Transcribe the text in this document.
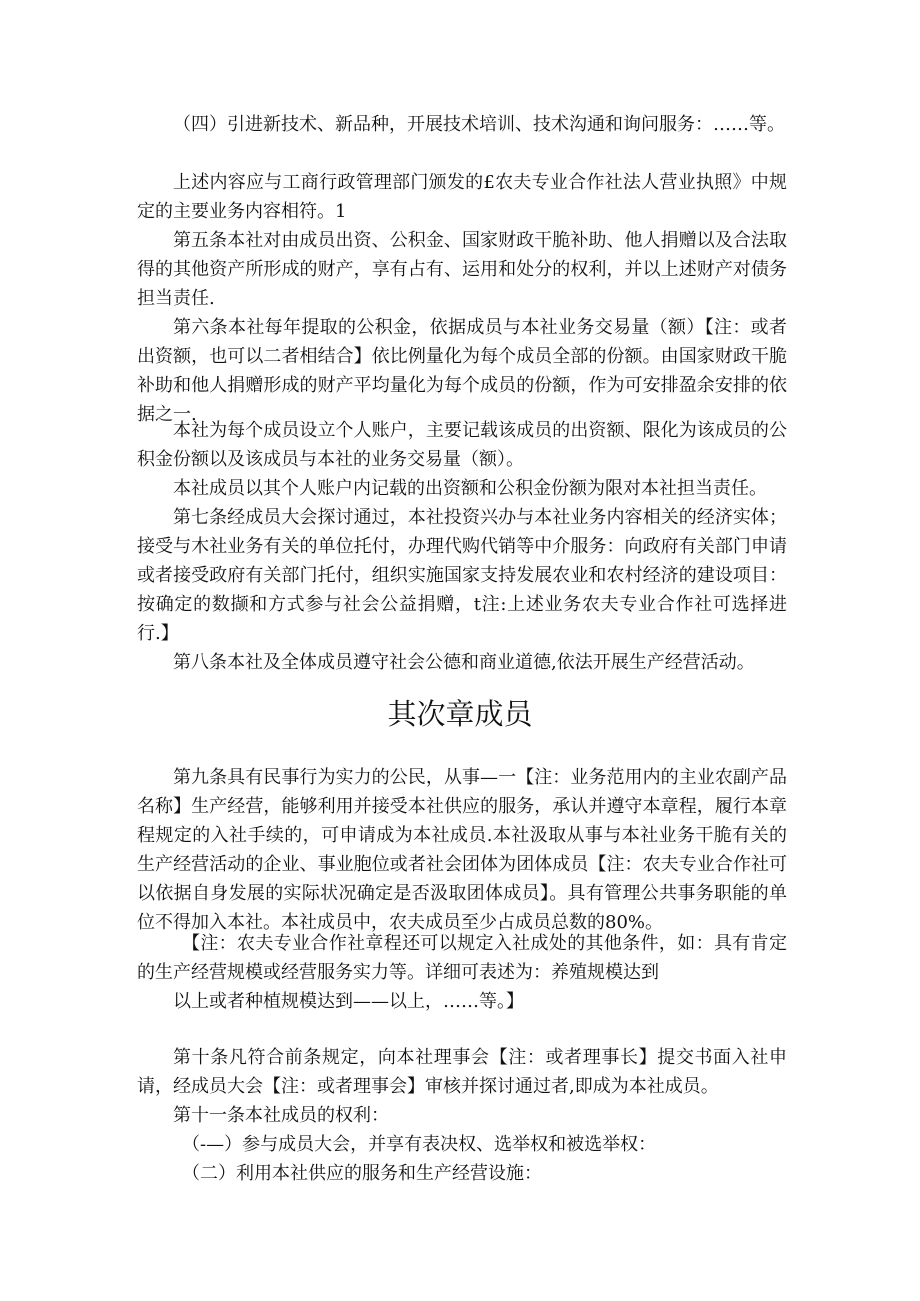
（四）引进新技术、新品种，开展技术培训、技术沟通和询问服务：……等。

上述内容应与工商行政管理部门颁发的£农夫专业合作社法人营业执照》中规定的主要业务内容相符。1

第五条本社对由成员出资、公积金、国家财政干脆补助、他人捐赠以及合法取得的其他资产所形成的财产，享有占有、运用和处分的权利，并以上述财产对债务担当责任.

第六条本社每年提取的公积金，依据成员与本社业务交易量（额）【注：或者出资额，也可以二者相结合】依比例量化为每个成员全部的份额。由国家财政干脆补助和他人捐赠形成的财产平均量化为每个成员的份额，作为可安排盈余安排的依据之一.

本社为每个成员设立个人账户，主要记载该成员的出资额、限化为该成员的公积金份额以及该成员与本社的业务交易量（额）。

本社成员以其个人账户内记载的出资额和公积金份额为限对本社担当责任。

第七条经成员大会探讨通过，本社投资兴办与本社业务内容相关的经济实体；接受与木社业务有关的单位托付，办理代购代销等中介服务：向政府有关部门申请或者接受政府有关部门托付，组织实施国家支持发展农业和农村经济的建设项目：按确定的数撷和方式参与社会公益捐赠，t注:上述业务农夫专业合作社可选择进行.】

第八条本社及全体成员遵守社会公德和商业道德,依法开展生产经营活动。

其次章成员

第九条具有民事行为实力的公民，从事—一【注：业务范用内的主业农副产品名称】生产经营，能够利用并接受本社供应的服务，承认并遵守本章程，履行本章程规定的入社手续的，可申请成为本社成员.本社汲取从事与本社业务干脆有关的生产经营活动的企业、事业胞位或者社会团体为团体成员【注：农夫专业合作社可以依据自身发展的实际状况确定是否汲取团体成员】。具有管理公共事务职能的单位不得加入本社。本社成员中，农夫成员至少占成员总数的80%。

【注：农夫专业合作社章程还可以规定入社成处的其他条件，如：具有肯定的生产经营规模或经营服务实力等。详细可表述为：养殖规模达到

以上或者种植规模达到——以上，……等。】

第十条凡符合前条规定，向本社理事会【注：或者理事长】提交书面入社申请，经成员大会【注：或者理事会】审核并探讨通过者,即成为本社成员。

第十一条本社成员的权利：

（-—）参与成员大会，并享有表决权、选举权和被选举权：

（二）利用本社供应的服务和生产经营设施：
